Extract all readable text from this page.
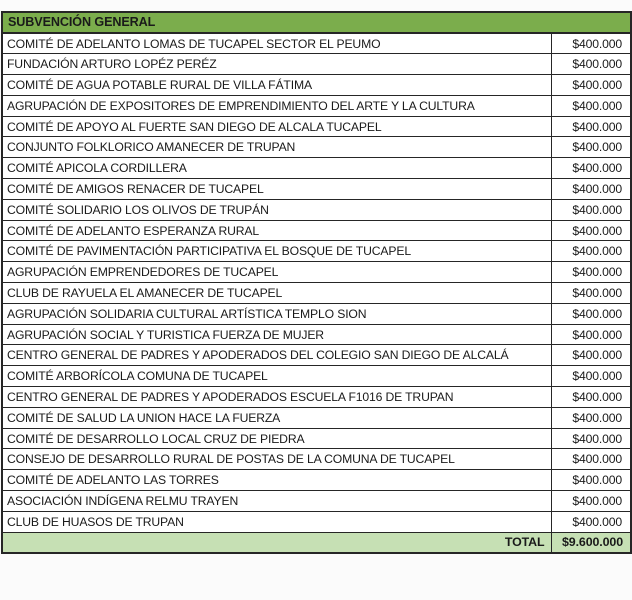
SUBVENCIÓN GENERAL	
COMITÉ DE ADELANTO LOMAS DE TUCAPEL SECTOR EL PEUMO	$400.000
FUNDACIÓN ARTURO LOPÉZ PERÉZ	$400.000
COMITÉ DE AGUA POTABLE RURAL DE VILLA FÁTIMA	$400.000
AGRUPACIÓN DE EXPOSITORES DE EMPRENDIMIENTO DEL ARTE Y LA CULTURA	$400.000
COMITÉ DE APOYO AL FUERTE SAN DIEGO DE ALCALA TUCAPEL	$400.000
CONJUNTO FOLKLORICO AMANECER DE TRUPAN	$400.000
COMITÉ APICOLA CORDILLERA	$400.000
COMITÉ DE AMIGOS RENACER DE TUCAPEL	$400.000
COMITÉ SOLIDARIO LOS OLIVOS DE TRUPÁN	$400.000
COMITÉ DE ADELANTO ESPERANZA RURAL	$400.000
COMITÉ DE PAVIMENTACIÓN PARTICIPATIVA EL BOSQUE DE TUCAPEL	$400.000
AGRUPACIÓN EMPRENDEDORES DE TUCAPEL	$400.000
CLUB DE RAYUELA EL AMANECER DE TUCAPEL	$400.000
AGRUPACIÓN SOLIDARIA CULTURAL ARTÍSTICA TEMPLO SION	$400.000
AGRUPACIÓN SOCIAL Y TURISTICA FUERZA DE MUJER	$400.000
CENTRO GENERAL DE PADRES Y APODERADOS DEL COLEGIO SAN DIEGO DE ALCALÁ	$400.000
COMITÉ ARBORÍCOLA COMUNA DE TUCAPEL	$400.000
CENTRO GENERAL DE PADRES Y APODERADOS ESCUELA F1016 DE TRUPAN	$400.000
COMITÉ DE SALUD LA UNION HACE LA FUERZA	$400.000
COMITÉ DE DESARROLLO LOCAL CRUZ DE PIEDRA	$400.000
CONSEJO DE DESARROLLO RURAL DE POSTAS DE LA COMUNA DE TUCAPEL	$400.000
COMITÉ DE ADELANTO LAS TORRES	$400.000
ASOCIACIÓN INDÍGENA RELMU TRAYEN	$400.000
CLUB DE HUASOS DE TRUPAN	$400.000
TOTAL	$9.600.000
